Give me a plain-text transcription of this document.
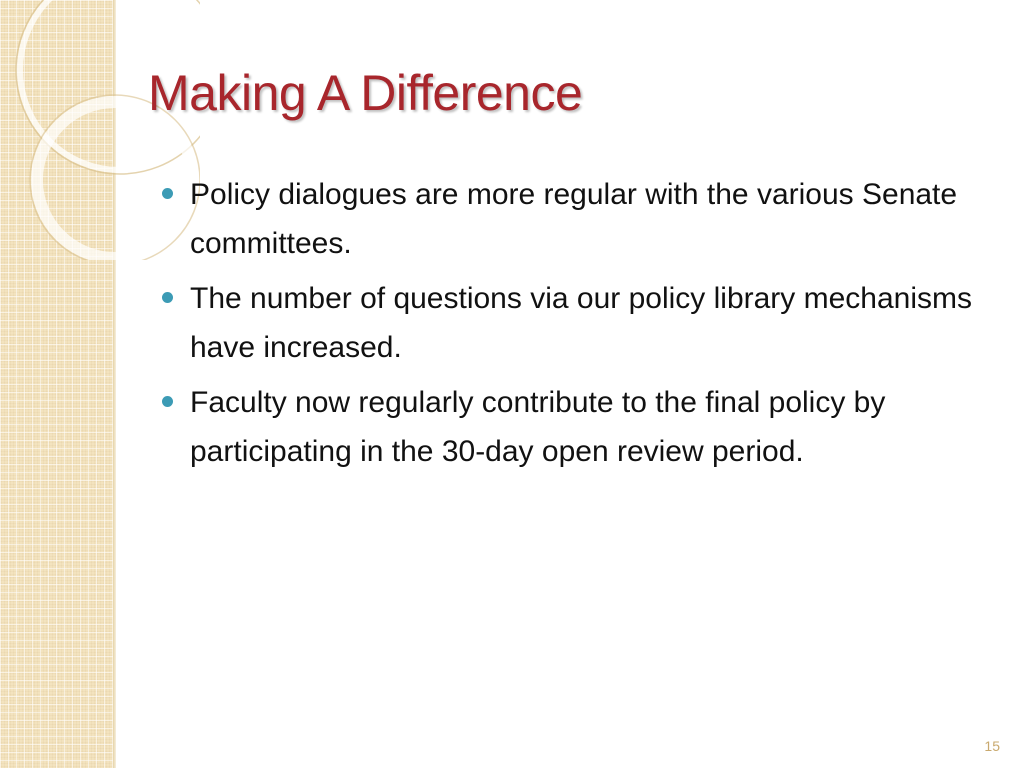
Making A Difference
Policy dialogues are more regular with the various Senate committees.
The number of questions via our policy library mechanisms have increased.
Faculty now regularly contribute to the final policy by participating in the 30-day open review period.
15
